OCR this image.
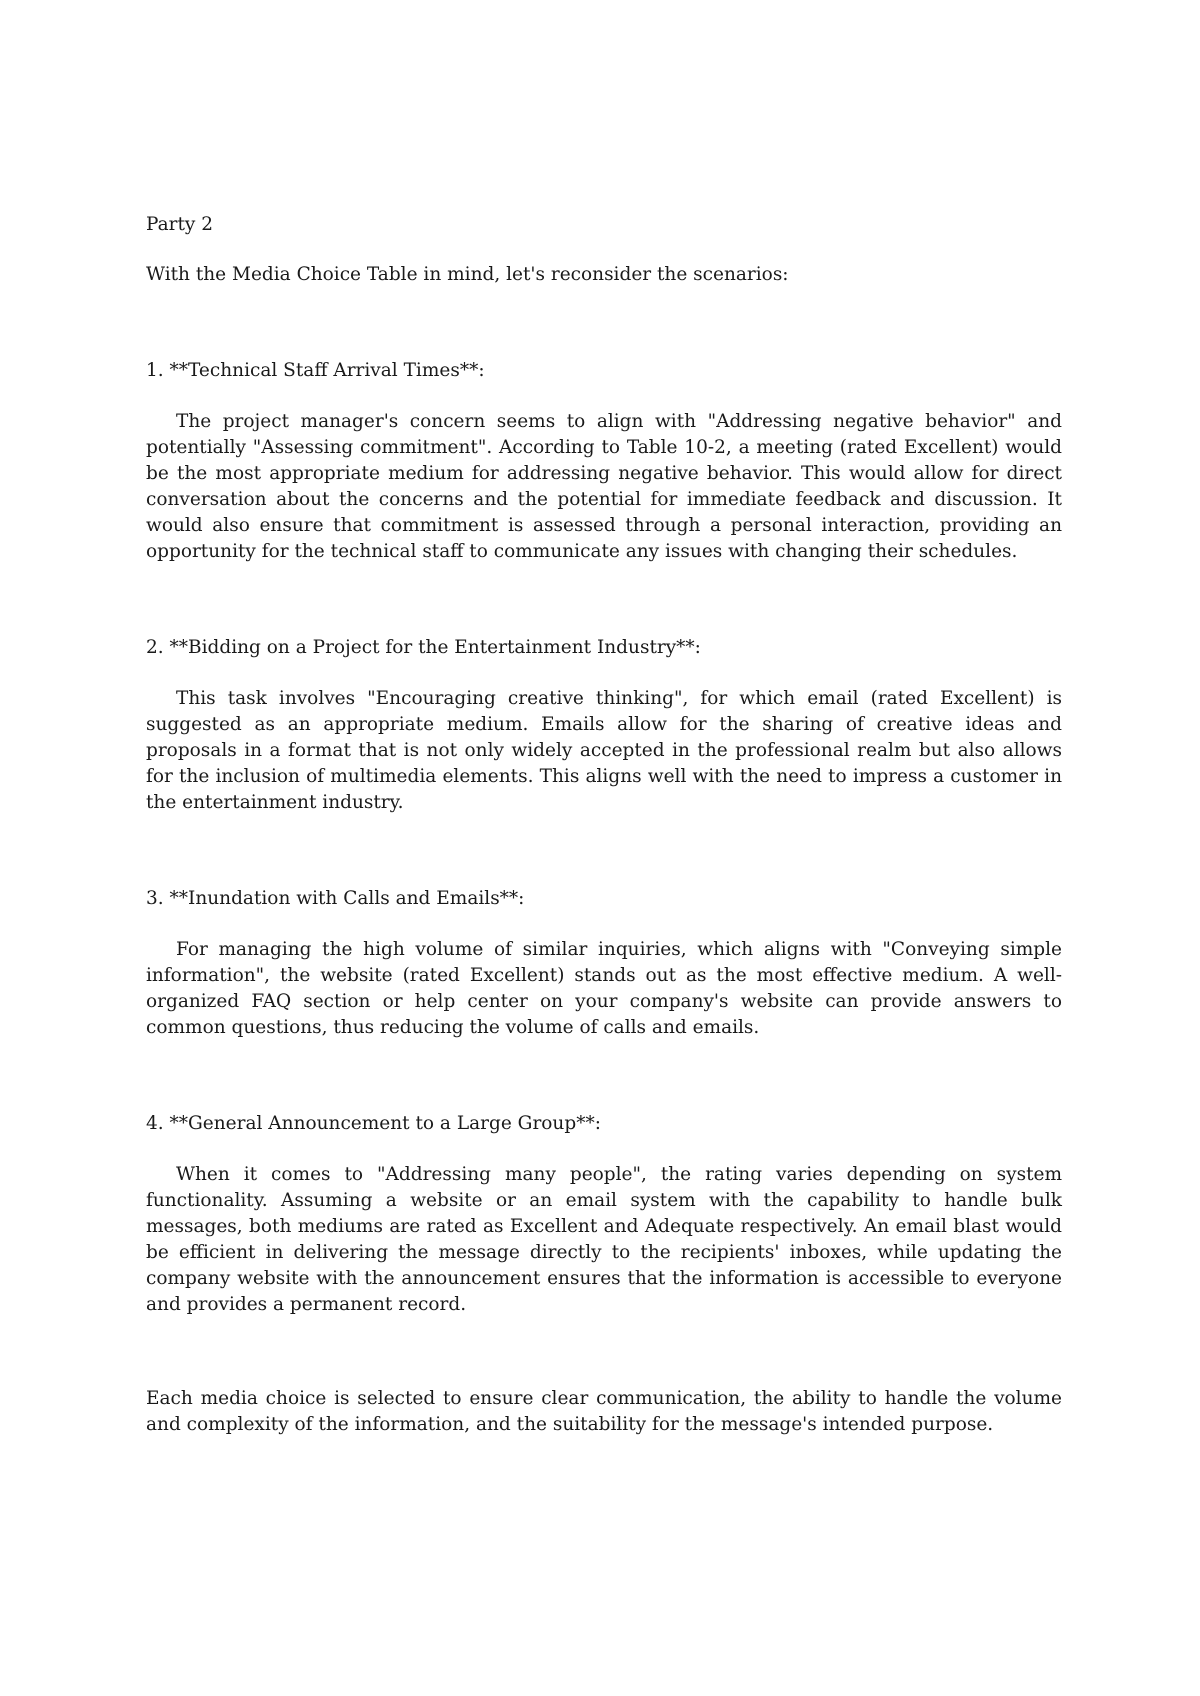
Party 2

With the Media Choice Table in mind, let's reconsider the scenarios:

1. **Technical Staff Arrival Times**:

The project manager's concern seems to align with "Addressing negative behavior" and potentially "Assessing commitment". According to Table 10-2, a meeting (rated Excellent) would be the most appropriate medium for addressing negative behavior. This would allow for direct conversation about the concerns and the potential for immediate feedback and discussion. It would also ensure that commitment is assessed through a personal interaction, providing an opportunity for the technical staff to communicate any issues with changing their schedules.

2. **Bidding on a Project for the Entertainment Industry**:

This task involves "Encouraging creative thinking", for which email (rated Excellent) is suggested as an appropriate medium. Emails allow for the sharing of creative ideas and proposals in a format that is not only widely accepted in the professional realm but also allows for the inclusion of multimedia elements. This aligns well with the need to impress a customer in the entertainment industry.

3. **Inundation with Calls and Emails**:

For managing the high volume of similar inquiries, which aligns with "Conveying simple information", the website (rated Excellent) stands out as the most effective medium. A well-organized FAQ section or help center on your company's website can provide answers to common questions, thus reducing the volume of calls and emails.

4. **General Announcement to a Large Group**:

When it comes to "Addressing many people", the rating varies depending on system functionality. Assuming a website or an email system with the capability to handle bulk messages, both mediums are rated as Excellent and Adequate respectively. An email blast would be efficient in delivering the message directly to the recipients' inboxes, while updating the company website with the announcement ensures that the information is accessible to everyone and provides a permanent record.

Each media choice is selected to ensure clear communication, the ability to handle the volume and complexity of the information, and the suitability for the message's intended purpose.
